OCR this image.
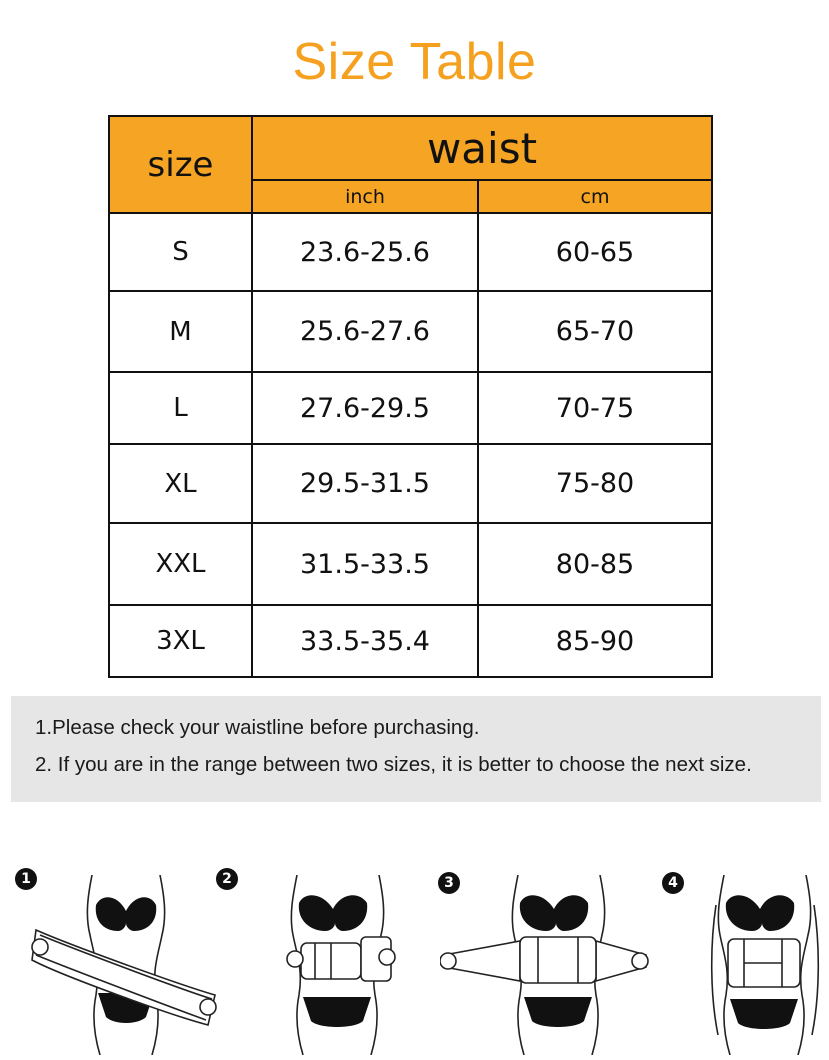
Size Table
size	waist	
	inch	cm
S	23.6-25.6	60-65
M	25.6-27.6	65-70
L	27.6-29.5	70-75
XL	29.5-31.5	75-80
XXL	31.5-33.5	80-85
3XL	33.5-35.4	85-90
1.Please check your waistline before purchasing.
2. If you are in the range between two sizes, it is better to choose the next size.
1	2	3	4
